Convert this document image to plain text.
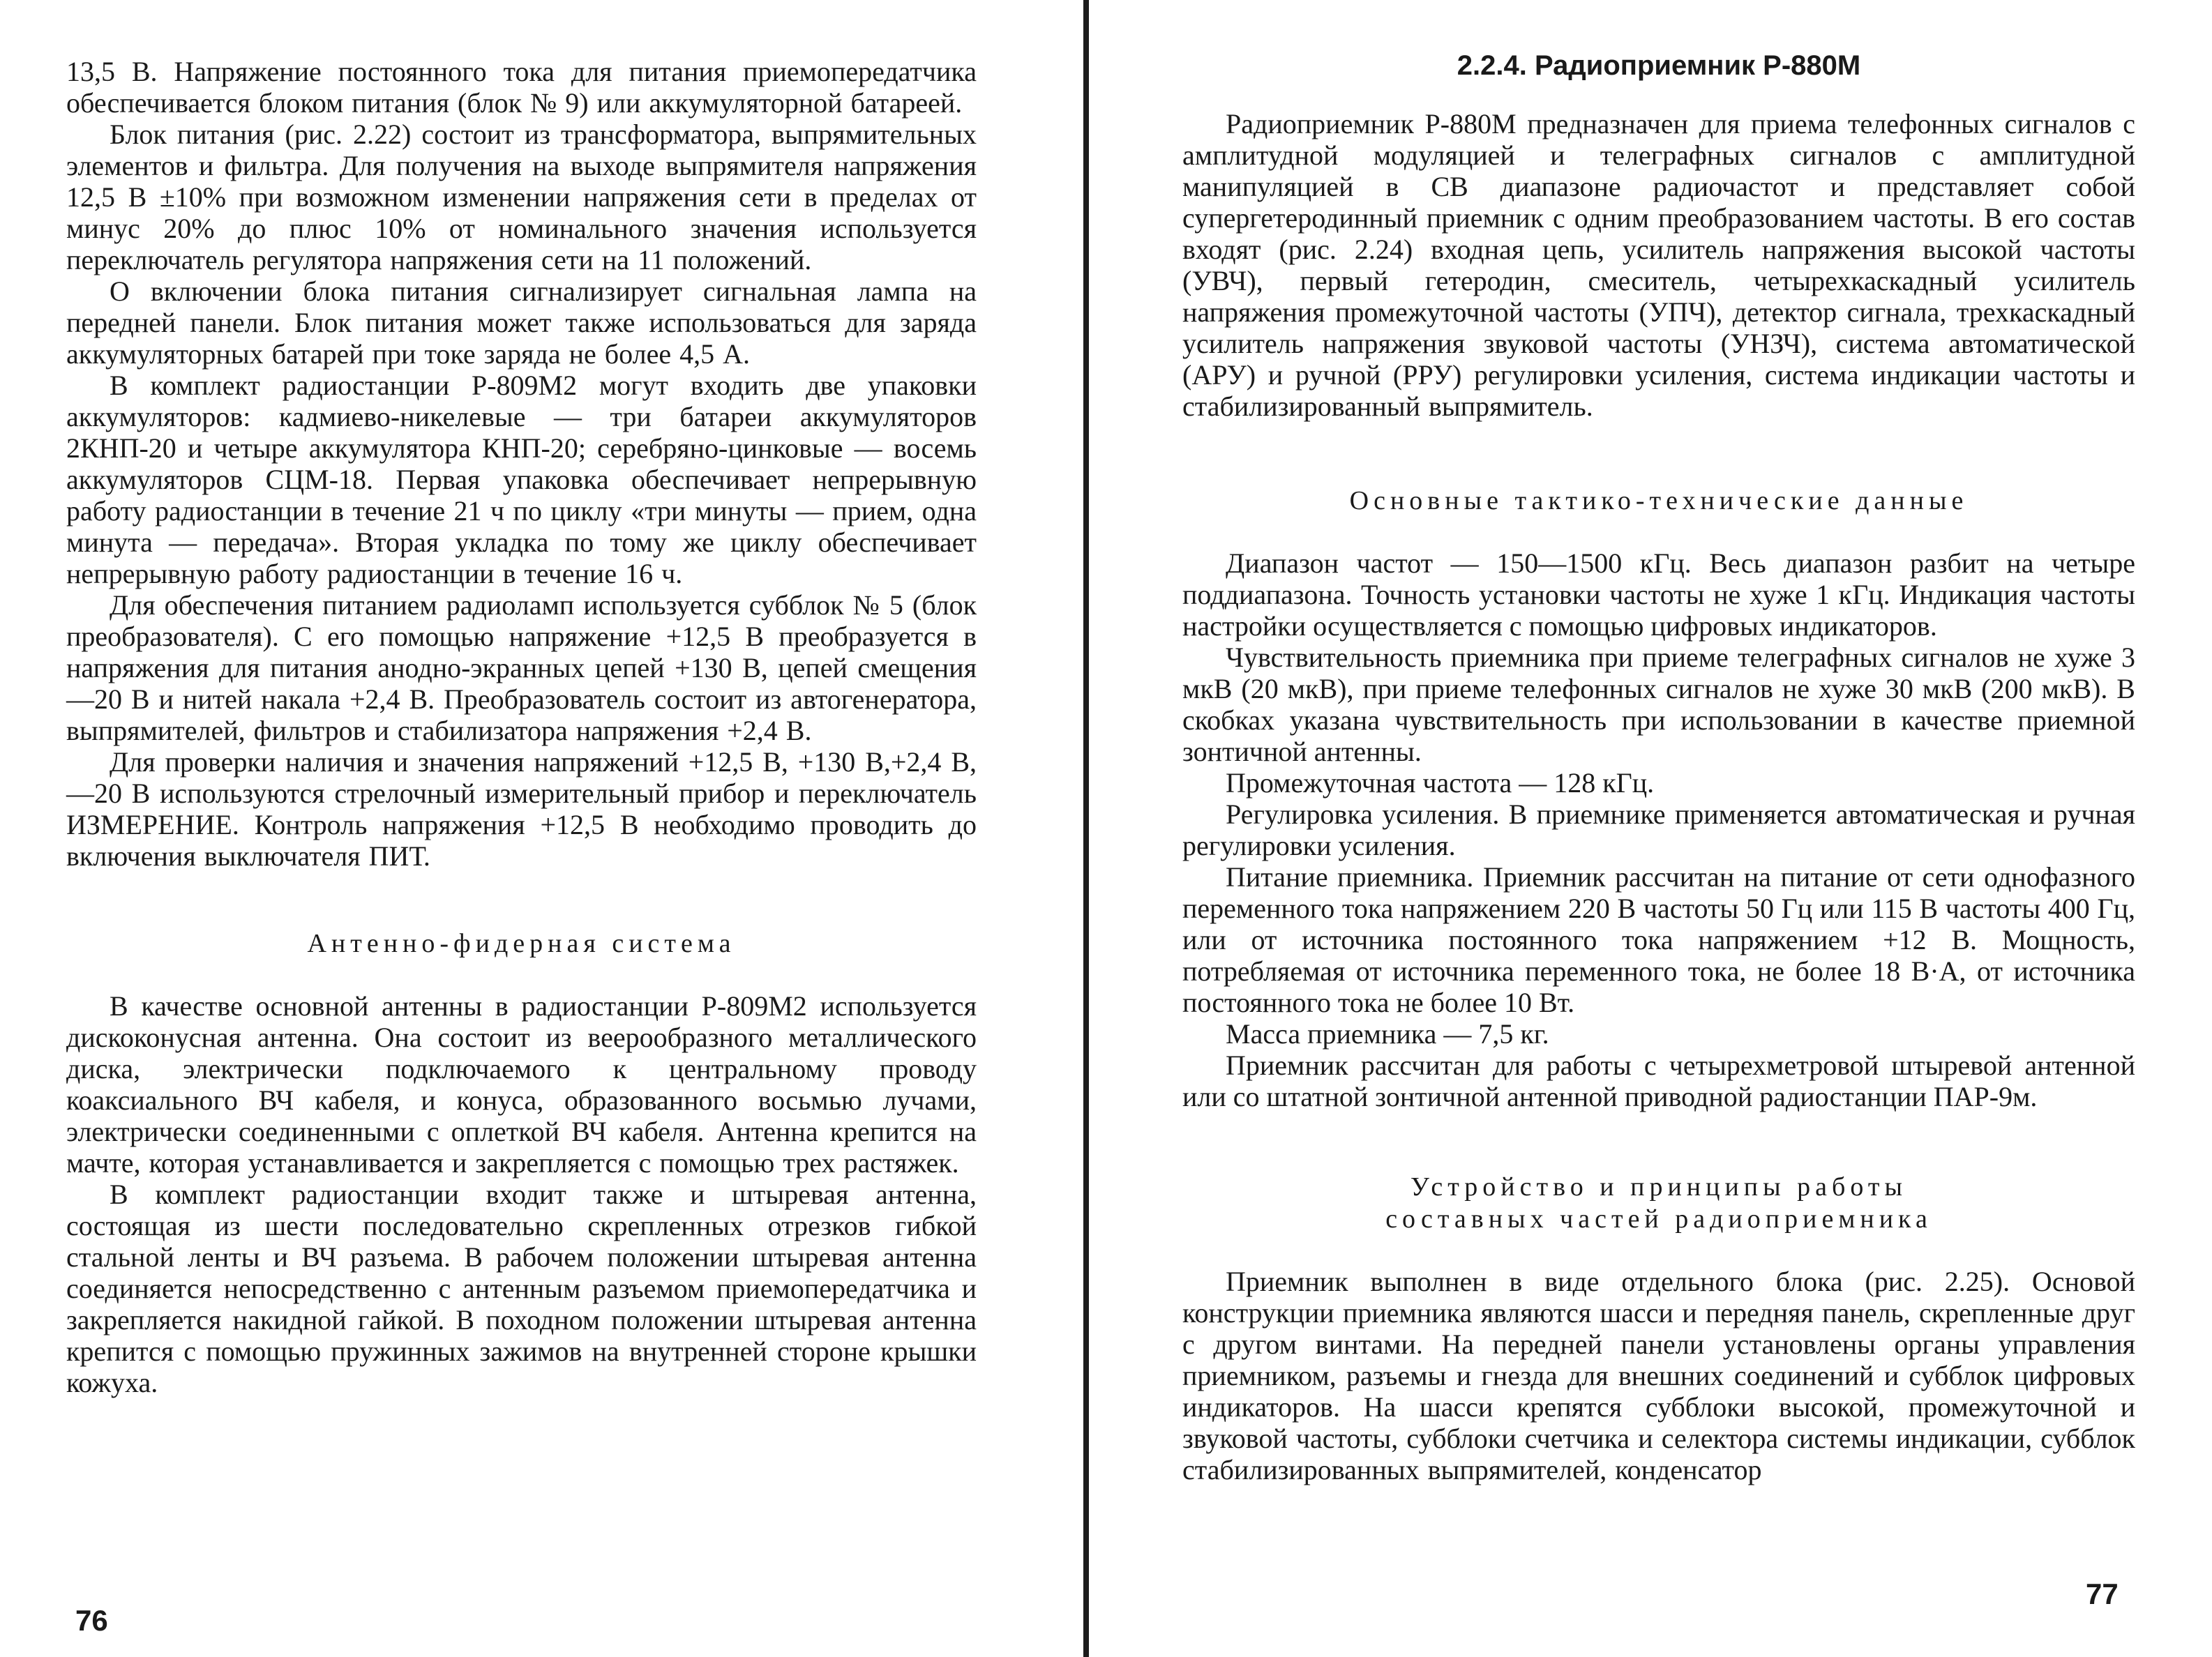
13,5 В. Напряжение постоянного тока для питания приемопередатчика обеспечивается блоком питания (блок № 9) или аккумуляторной батареей.

Блок питания (рис. 2.22) состоит из трансформатора, выпрямительных элементов и фильтра. Для получения на выходе выпрямителя напряжения 12,5 В ±10% при возможном изменении напряжения сети в пределах от минус 20% до плюс 10% от номинального значения используется переключатель регулятора напряжения сети на 11 положений.

О включении блока питания сигнализирует сигнальная лампа на передней панели. Блок питания может также использоваться для заряда аккумуляторных батарей при токе заряда не более 4,5 А.

В комплект радиостанции Р-809М2 могут входить две упаковки аккумуляторов: кадмиево-никелевые — три батареи аккумуляторов 2КНП-20 и четыре аккумулятора КНП-20; серебряно-цинковые — восемь аккумуляторов СЦМ-18. Первая упаковка обеспечивает непрерывную работу радиостанции в течение 21 ч по циклу «три минуты — прием, одна минута — передача». Вторая укладка по тому же циклу обеспечивает непрерывную работу радиостанции в течение 16 ч.

Для обеспечения питанием радиоламп используется субблок № 5 (блок преобразователя). С его помощью напряжение +12,5 В преобразуется в напряжения для питания анодно-экранных цепей +130 В, цепей смещения —20 В и нитей накала +2,4 В. Преобразователь состоит из автогенератора, выпрямителей, фильтров и стабилизатора напряжения +2,4 В.

Для проверки наличия и значения напряжений +12,5 В, +130 В,+2,4 В, —20 В используются стрелочный измерительный прибор и переключатель ИЗМЕРЕНИЕ. Контроль напряжения +12,5 В необходимо проводить до включения выключателя ПИТ.

Антенно-фидерная система

В качестве основной антенны в радиостанции Р-809М2 используется дискоконусная антенна. Она состоит из веерообразного металлического диска, электрически подключаемого к центральному проводу коаксиального ВЧ кабеля, и конуса, образованного восьмью лучами, электрически соединенными с оплеткой ВЧ кабеля. Антенна крепится на мачте, которая устанавливается и закрепляется с помощью трех растяжек.

В комплект радиостанции входит также и штыревая антенна, состоящая из шести последовательно скрепленных отрезков гибкой стальной ленты и ВЧ разъема. В рабочем положении штыревая антенна соединяется непосредственно с антенным разъемом приемопередатчика и закрепляется накидной гайкой. В походном положении штыревая антенна крепится с помощью пружинных зажимов на внутренней стороне крышки кожуха.

76

2.2.4. Радиоприемник Р-880М

Радиоприемник Р-880М предназначен для приема телефонных сигналов с амплитудной модуляцией и телеграфных сигналов с амплитудной манипуляцией в СВ диапазоне радиочастот и представляет собой супергетеродинный приемник с одним преобразованием частоты. В его состав входят (рис. 2.24) входная цепь, усилитель напряжения высокой частоты (УВЧ), первый гетеродин, смеситель, четырехкаскадный усилитель напряжения промежуточной частоты (УПЧ), детектор сигнала, трехкаскадный усилитель напряжения звуковой частоты (УНЗЧ), система автоматической (АРУ) и ручной (РРУ) регулировки усиления, система индикации частоты и стабилизированный выпрямитель.

Основные тактико-технические данные

Диапазон частот — 150—1500 кГц. Весь диапазон разбит на четыре поддиапазона. Точность установки частоты не хуже 1 кГц. Индикация частоты настройки осуществляется с помощью цифровых индикаторов.

Чувствительность приемника при приеме телеграфных сигналов не хуже 3 мкВ (20 мкВ), при приеме телефонных сигналов не хуже 30 мкВ (200 мкВ). В скобках указана чувствительность при использовании в качестве приемной зонтичной антенны.

Промежуточная частота — 128 кГц.

Регулировка усиления. В приемнике применяется автоматическая и ручная регулировки усиления.

Питание приемника. Приемник рассчитан на питание от сети однофазного переменного тока напряжением 220 В частоты 50 Гц или 115 В частоты 400 Гц, или от источника постоянного тока напряжением +12 В. Мощность, потребляемая от источника переменного тока, не более 18 В·А, от источника постоянного тока не более 10 Вт.

Масса приемника — 7,5 кг.

Приемник рассчитан для работы с четырехметровой штыревой антенной или со штатной зонтичной антенной приводной радиостанции ПАР-9м.

Устройство и принципы работы

составных частей радиоприемника

Приемник выполнен в виде отдельного блока (рис. 2.25). Основой конструкции приемника являются шасси и передняя панель, скрепленные друг с другом винтами. На передней панели установлены органы управления приемником, разъемы и гнезда для внешних соединений и субблок цифровых индикаторов. На шасси крепятся субблоки высокой, промежуточной и звуковой частоты, субблоки счетчика и селектора системы индикации, субблок стабилизированных выпрямителей, конденсатор

77
